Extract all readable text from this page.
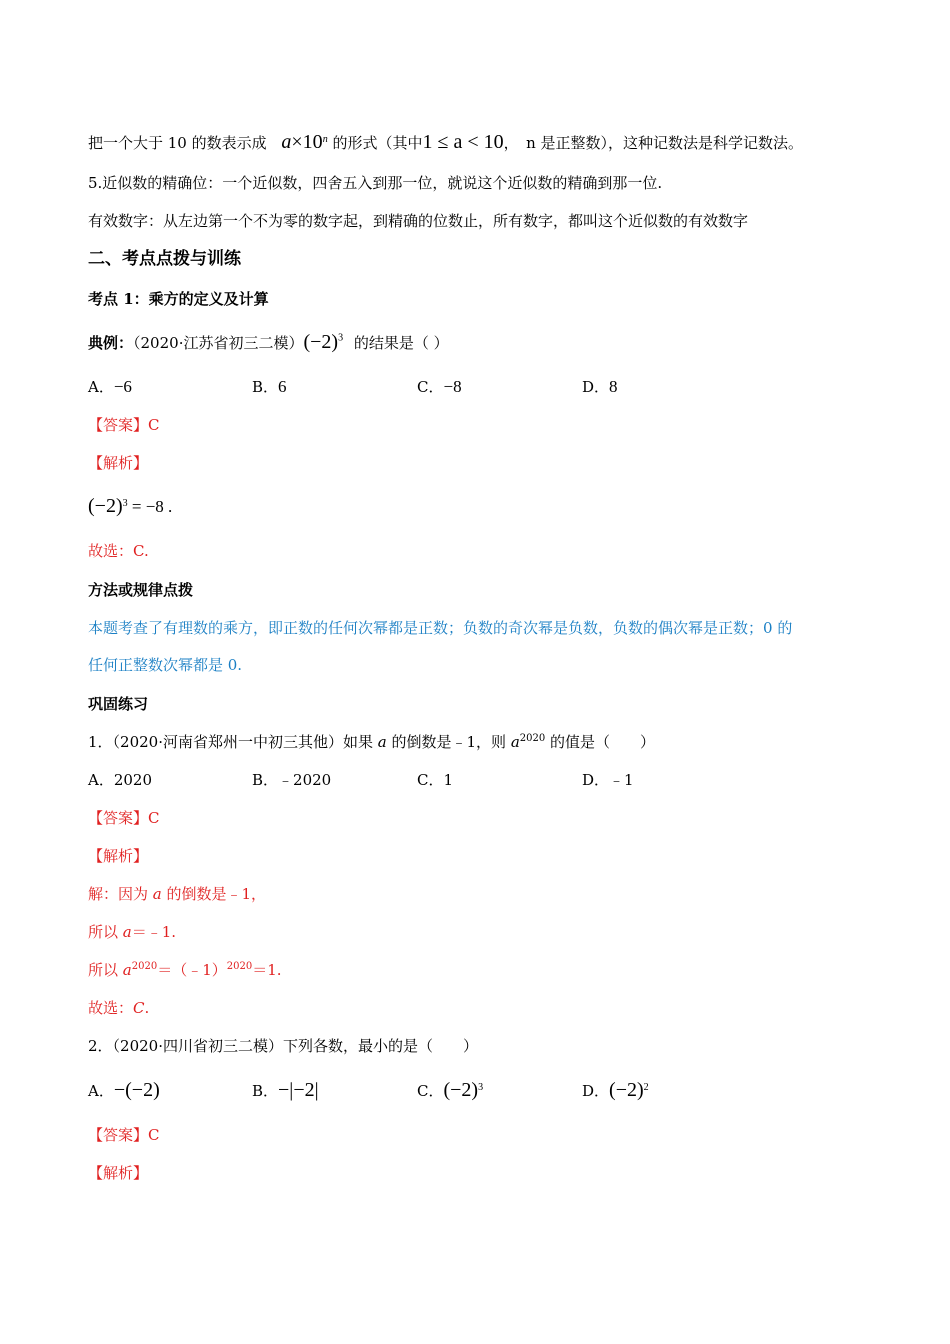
把一个大于 10 的数表示成 $a\times 10^n$ 的形式（其中1 ≤ a < 10，　n 是正整数），这种记数法是科学记数法。
5.近似数的精确位：一个近似数，四舍五入到那一位，就说这个近似数的精确到那一位.
有效数字：从左边第一个不为零的数字起，到精确的位数止，所有数字，都叫这个近似数的有效数字
二、考点点拨与训练
考点 1：乘方的定义及计算
典例：（2020·江苏省初三二模）$(-2)^3$ 的结果是（ ）
A．−6	B．6	C．−8	D．8
【答案】C
【解析】
$(-2)^3 = -8$ .
故选：C.
方法或规律点拨
本题考查了有理数的乘方，即正数的任何次幂都是正数；负数的奇次幂是负数，负数的偶次幂是正数；0 的
任何正整数次幂都是 0.
巩固练习
1．（2020·河南省郑州一中初三其他）如果 a 的倒数是﹣1，则 $a^{2020}$ 的值是（　　）
A．2020	B．﹣2020	C．1	D．﹣1
【答案】C
【解析】
解：因为 a 的倒数是﹣1，
所以 a＝﹣1.
所以 $a^{2020}=(﹣1)^{2020}=1$.
故选：C.
2．（2020·四川省初三二模）下列各数，最小的是（　　）
A．−(−2)	B．−|−2|	C．$(-2)^3$	D．$(-2)^2$
【答案】C
【解析】
